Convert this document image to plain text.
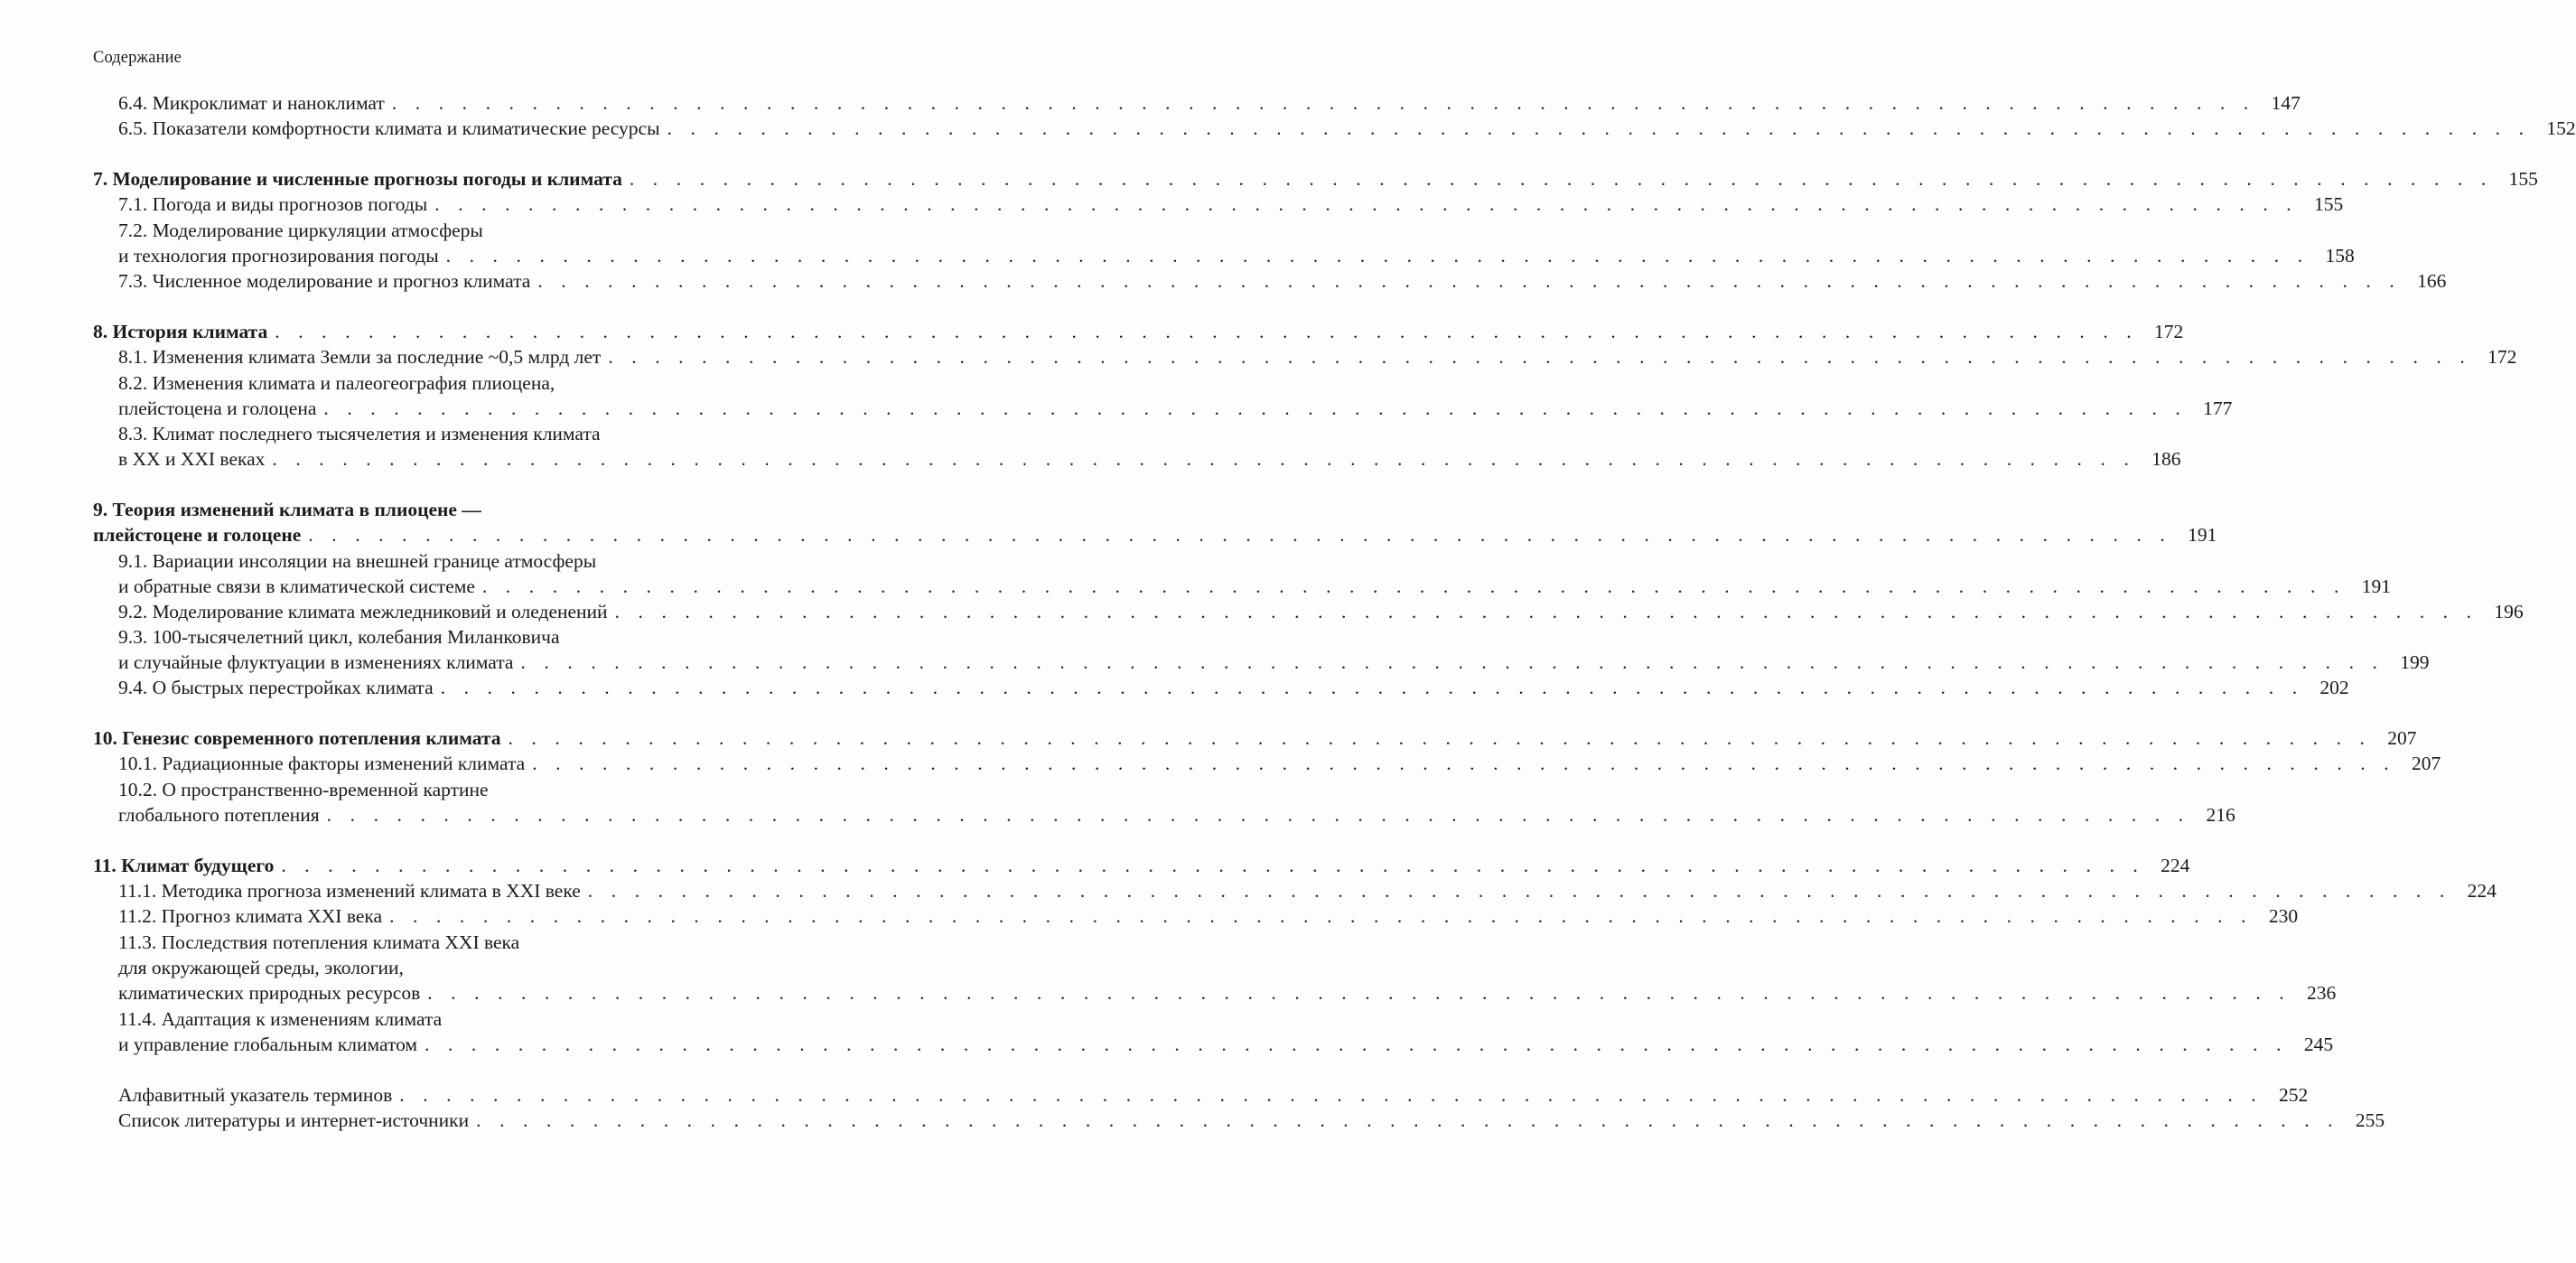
Содержание
6.4. Микроклимат и наноклимат . . . . . . . . . . . . . . . . . . . . . . . . . . . . . . . . . . . . . . . . . . . . . . . . . . . . . . . . . . . . . . . . . . . . . . . . . . . . . . . . 147
6.5. Показатели комфортности климата и климатические ресурсы . . . . . . . . . . . . . . . . . . . . . . . . . . . . . . . . . . . . . . . . . . . . . . . . . . . . . . . . . . . . . . . . . . . . . . . . . . . . . . . . 152
7. Моделирование и численные прогнозы погоды и климата . . . . . . . . . . . . . . . . . . . . . . . . . . . . . . . . . . . . . . . . . . . . . . . . . . . . . . . . . . . . . . . . . . . . . . . . . . . . . . . . 155
7.1. Погода и виды прогнозов погоды . . . . . . . . . . . . . . . . . . . . . . . . . . . . . . . . . . . . . . . . . . . . . . . . . . . . . . . . . . . . . . . . . . . . . . . . . . . . . . . . 155
7.2. Моделирование циркуляции атмосферы
и технология прогнозирования погоды . . . . . . . . . . . . . . . . . . . . . . . . . . . . . . . . . . . . . . . . . . . . . . . . . . . . . . . . . . . . . . . . . . . . . . . . . . . . . . . . 158
7.3. Численное моделирование и прогноз климата . . . . . . . . . . . . . . . . . . . . . . . . . . . . . . . . . . . . . . . . . . . . . . . . . . . . . . . . . . . . . . . . . . . . . . . . . . . . . . . . 166
8. История климата . . . . . . . . . . . . . . . . . . . . . . . . . . . . . . . . . . . . . . . . . . . . . . . . . . . . . . . . . . . . . . . . . . . . . . . . . . . . . . . . 172
8.1. Изменения климата Земли за последние ~0,5 млрд лет . . . . . . . . . . . . . . . . . . . . . . . . . . . . . . . . . . . . . . . . . . . . . . . . . . . . . . . . . . . . . . . . . . . . . . . . . . . . . . . . 172
8.2. Изменения климата и палеогеография плиоцена,
плейстоцена и голоцена . . . . . . . . . . . . . . . . . . . . . . . . . . . . . . . . . . . . . . . . . . . . . . . . . . . . . . . . . . . . . . . . . . . . . . . . . . . . . . . . 177
8.3. Климат последнего тысячелетия и изменения климата
в XX и XXI веках . . . . . . . . . . . . . . . . . . . . . . . . . . . . . . . . . . . . . . . . . . . . . . . . . . . . . . . . . . . . . . . . . . . . . . . . . . . . . . . . 186
9. Теория изменений климата в плиоцене —
плейстоцене и голоцене . . . . . . . . . . . . . . . . . . . . . . . . . . . . . . . . . . . . . . . . . . . . . . . . . . . . . . . . . . . . . . . . . . . . . . . . . . . . . . . . 191
9.1. Вариации инсоляции на внешней границе атмосферы
и обратные связи в климатической системе . . . . . . . . . . . . . . . . . . . . . . . . . . . . . . . . . . . . . . . . . . . . . . . . . . . . . . . . . . . . . . . . . . . . . . . . . . . . . . . . 191
9.2. Моделирование климата межледниковий и оледенений . . . . . . . . . . . . . . . . . . . . . . . . . . . . . . . . . . . . . . . . . . . . . . . . . . . . . . . . . . . . . . . . . . . . . . . . . . . . . . . . 196
9.3. 100-тысячелетний цикл, колебания Миланковича
и случайные флуктуации в изменениях климата . . . . . . . . . . . . . . . . . . . . . . . . . . . . . . . . . . . . . . . . . . . . . . . . . . . . . . . . . . . . . . . . . . . . . . . . . . . . . . . . 199
9.4. О быстрых перестройках климата . . . . . . . . . . . . . . . . . . . . . . . . . . . . . . . . . . . . . . . . . . . . . . . . . . . . . . . . . . . . . . . . . . . . . . . . . . . . . . . . 202
10. Генезис современного потепления климата . . . . . . . . . . . . . . . . . . . . . . . . . . . . . . . . . . . . . . . . . . . . . . . . . . . . . . . . . . . . . . . . . . . . . . . . . . . . . . . . 207
10.1. Радиационные факторы изменений климата . . . . . . . . . . . . . . . . . . . . . . . . . . . . . . . . . . . . . . . . . . . . . . . . . . . . . . . . . . . . . . . . . . . . . . . . . . . . . . . . 207
10.2. О пространственно-временной картине
глобального потепления . . . . . . . . . . . . . . . . . . . . . . . . . . . . . . . . . . . . . . . . . . . . . . . . . . . . . . . . . . . . . . . . . . . . . . . . . . . . . . . . 216
11. Климат будущего . . . . . . . . . . . . . . . . . . . . . . . . . . . . . . . . . . . . . . . . . . . . . . . . . . . . . . . . . . . . . . . . . . . . . . . . . . . . . . . . 224
11.1. Методика прогноза изменений климата в XXI веке . . . . . . . . . . . . . . . . . . . . . . . . . . . . . . . . . . . . . . . . . . . . . . . . . . . . . . . . . . . . . . . . . . . . . . . . . . . . . . . . 224
11.2. Прогноз климата XXI века . . . . . . . . . . . . . . . . . . . . . . . . . . . . . . . . . . . . . . . . . . . . . . . . . . . . . . . . . . . . . . . . . . . . . . . . . . . . . . . . 230
11.3. Последствия потепления климата XXI века
для окружающей среды, экологии,
климатических природных ресурсов . . . . . . . . . . . . . . . . . . . . . . . . . . . . . . . . . . . . . . . . . . . . . . . . . . . . . . . . . . . . . . . . . . . . . . . . . . . . . . . . 236
11.4. Адаптация к изменениям климата
и управление глобальным климатом . . . . . . . . . . . . . . . . . . . . . . . . . . . . . . . . . . . . . . . . . . . . . . . . . . . . . . . . . . . . . . . . . . . . . . . . . . . . . . . . 245
Алфавитный указатель терминов . . . . . . . . . . . . . . . . . . . . . . . . . . . . . . . . . . . . . . . . . . . . . . . . . . . . . . . . . . . . . . . . . . . . . . . . . . . . . . . . 252
Список литературы и интернет-источники . . . . . . . . . . . . . . . . . . . . . . . . . . . . . . . . . . . . . . . . . . . . . . . . . . . . . . . . . . . . . . . . . . . . . . . . . . . . . . . . 255
